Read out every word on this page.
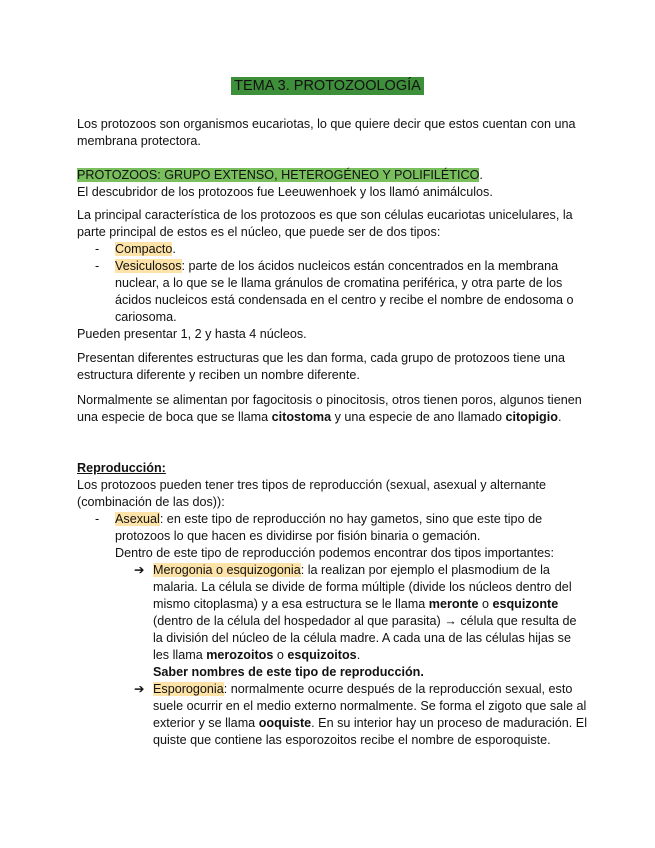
TEMA 3. PROTOZOOLOGÍA

Los protozoos son organismos eucariotas, lo que quiere decir que estos cuentan con una membrana protectora.

PROTOZOOS: GRUPO EXTENSO, HETEROGÉNEO Y POLIFILÉTICO.
El descubridor de los protozoos fue Leeuwenhoek y los llamó animálculos.

La principal característica de los protozoos es que son células eucariotas unicelulares, la parte principal de estos es el núcleo, que puede ser de dos tipos:
- Compacto.
- Vesiculosos: parte de los ácidos nucleicos están concentrados en la membrana nuclear, a lo que se le llama gránulos de cromatina periférica, y otra parte de los ácidos nucleicos está condensada en el centro y recibe el nombre de endosoma o cariosoma.
Pueden presentar 1, 2 y hasta 4 núcleos.

Presentan diferentes estructuras que les dan forma, cada grupo de protozoos tiene una estructura diferente y reciben un nombre diferente.

Normalmente se alimentan por fagocitosis o pinocitosis, otros tienen poros, algunos tienen una especie de boca que se llama citostoma y una especie de ano llamado citopigio.

Reproducción:
Los protozoos pueden tener tres tipos de reproducción (sexual, asexual y alternante (combinación de las dos)):
- Asexual: en este tipo de reproducción no hay gametos, sino que este tipo de protozoos lo que hacen es dividirse por fisión binaria o gemación.
Dentro de este tipo de reproducción podemos encontrar dos tipos importantes:
➔ Merogonia o esquizogonia: la realizan por ejemplo el plasmodium de la malaria. La célula se divide de forma múltiple (divide los núcleos dentro del mismo citoplasma) y a esa estructura se le llama meronte o esquizonte (dentro de la célula del hospedador al que parasita) → célula que resulta de la división del núcleo de la célula madre. A cada una de las células hijas se les llama merozoitos o esquizoitos.
Saber nombres de este tipo de reproducción.
➔ Esporogonia: normalmente ocurre después de la reproducción sexual, esto suele ocurrir en el medio externo normalmente. Se forma el zigoto que sale al exterior y se llama ooquiste. En su interior hay un proceso de maduración. El quiste que contiene las esporozoitos recibe el nombre de esporoquiste.
